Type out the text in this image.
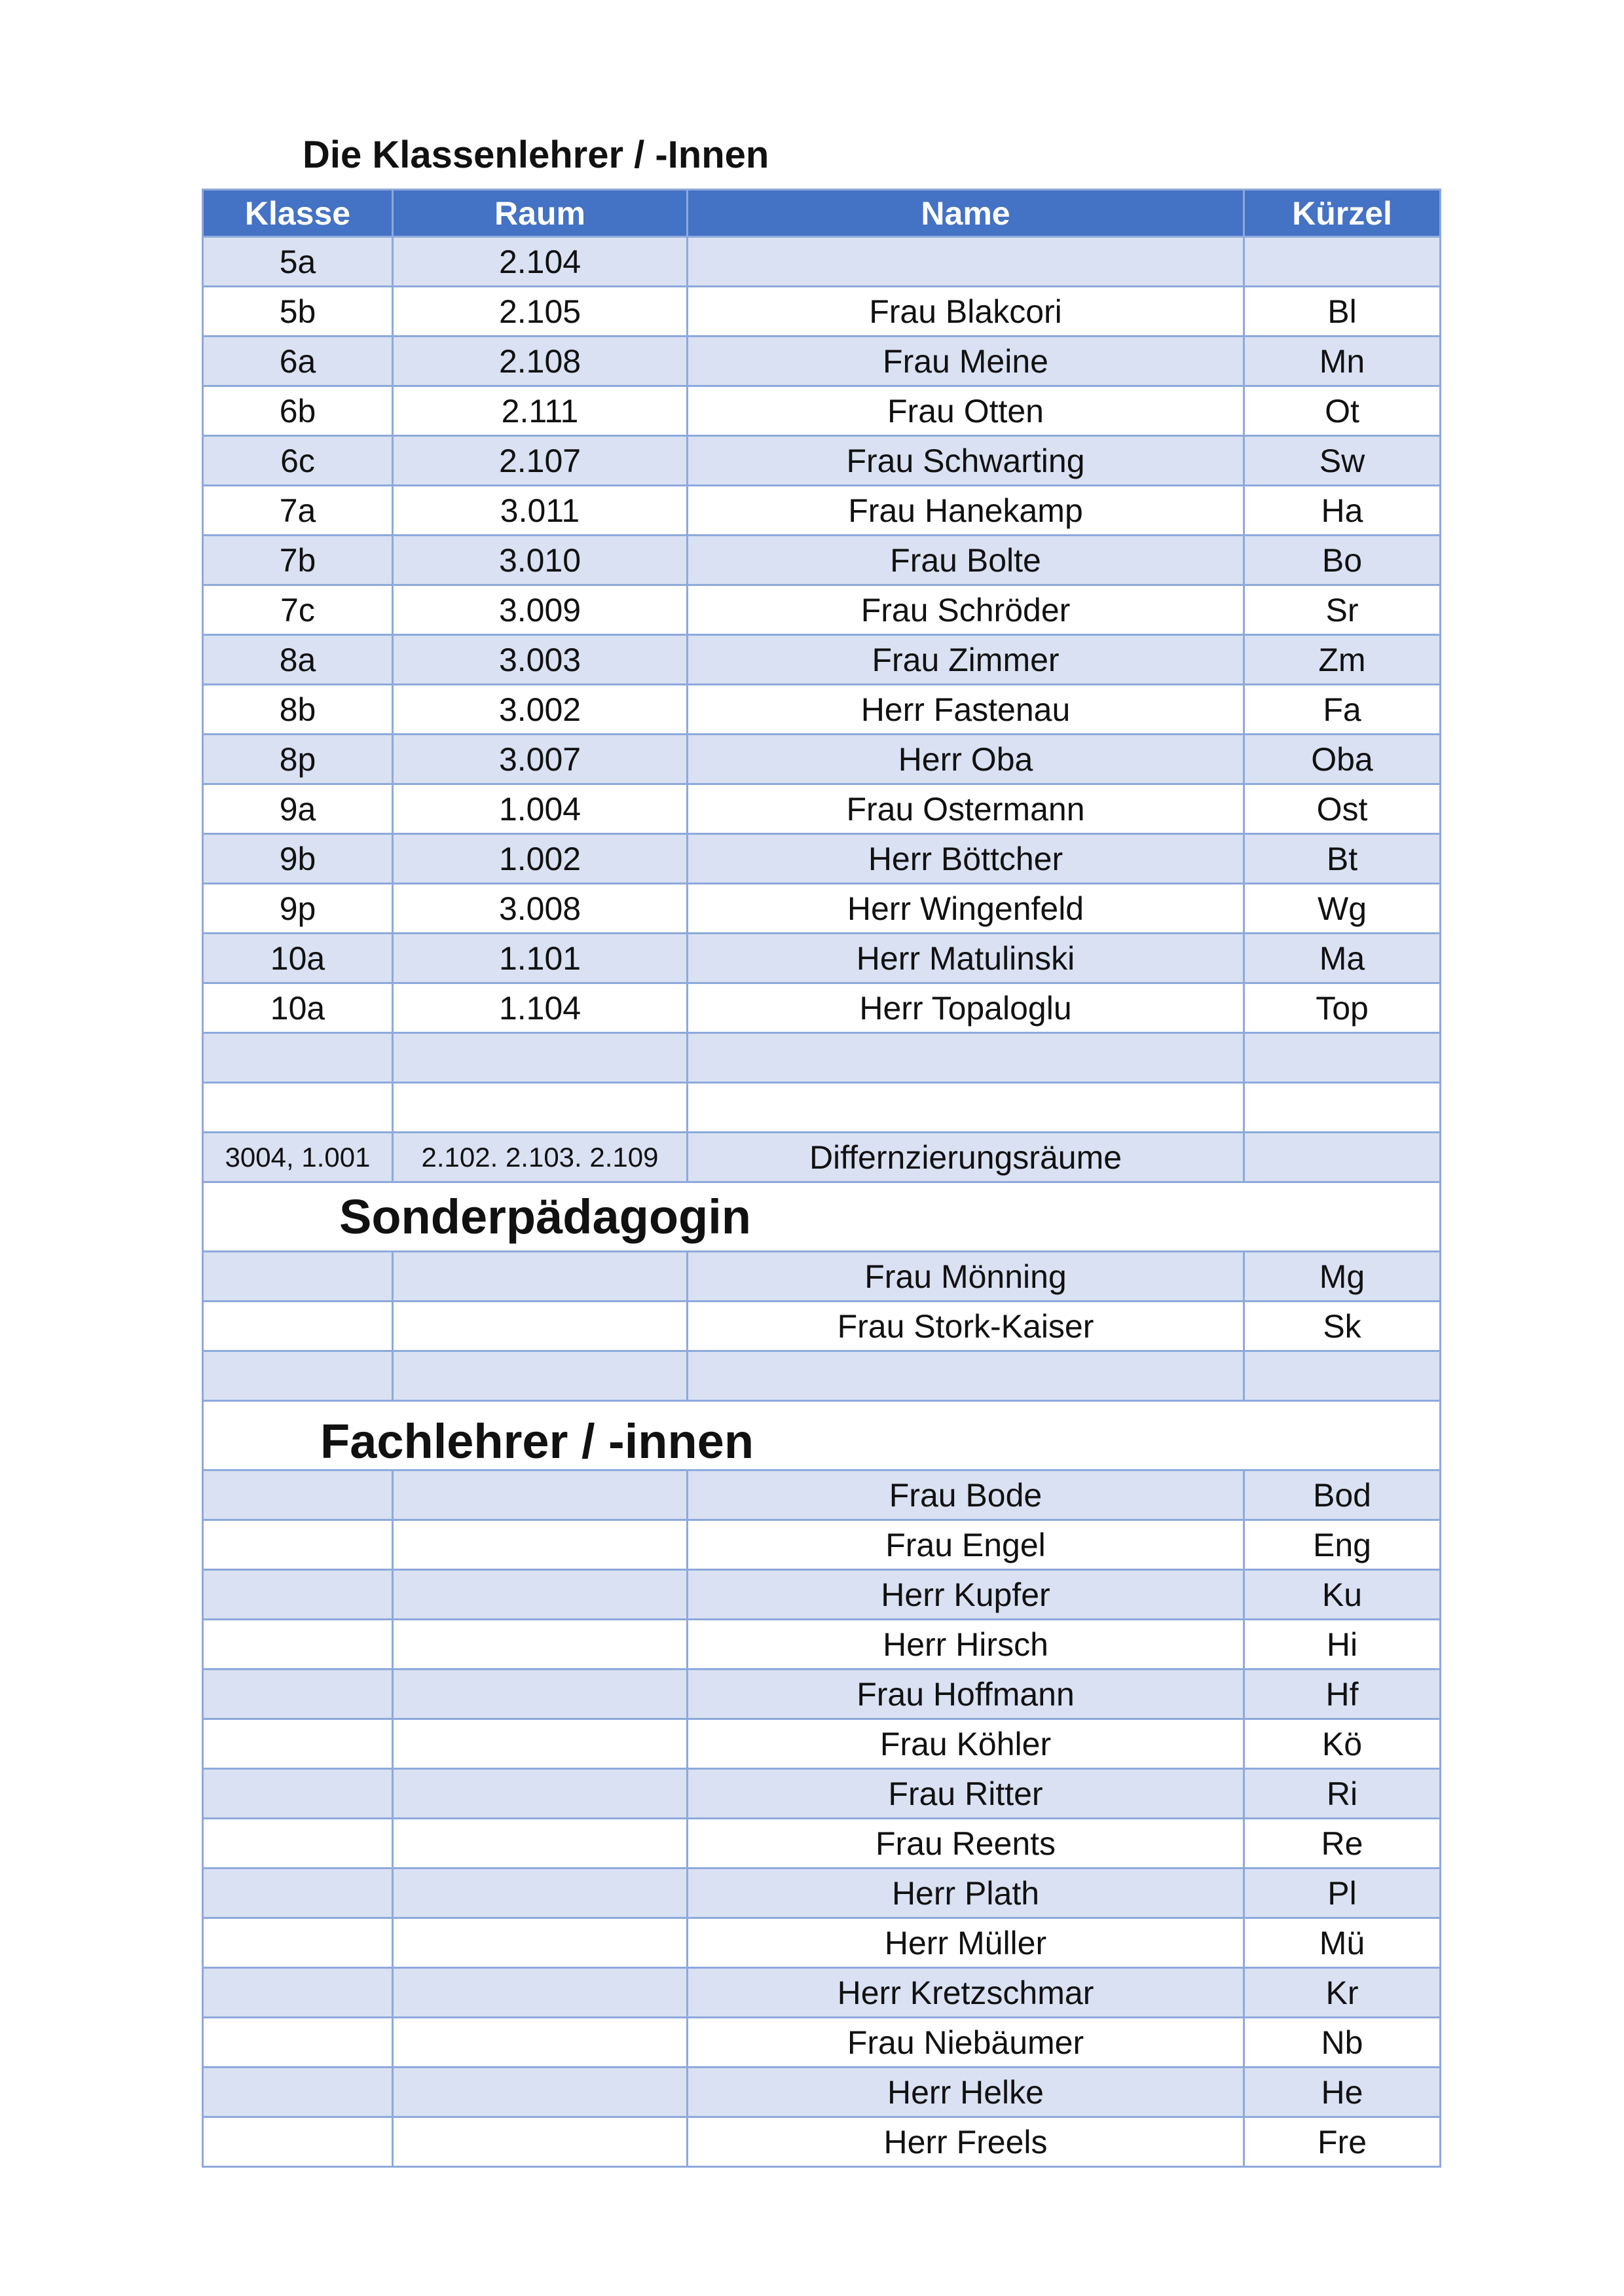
Die Klassenlehrer / -Innen
Klasse	Raum	Name	Kürzel
5a	2.104		
5b	2.105	Frau Blakcori	Bl
6a	2.108	Frau Meine	Mn
6b	2.111	Frau Otten	Ot
6c	2.107	Frau Schwarting	Sw
7a	3.011	Frau Hanekamp	Ha
7b	3.010	Frau Bolte	Bo
7c	3.009	Frau Schröder	Sr
8a	3.003	Frau Zimmer	Zm
8b	3.002	Herr Fastenau	Fa
8p	3.007	Herr Oba	Oba
9a	1.004	Frau Ostermann	Ost
9b	1.002	Herr Böttcher	Bt
9p	3.008	Herr Wingenfeld	Wg
10a	1.101	Herr Matulinski	Ma
10a	1.104	Herr Topaloglu	Top

3004, 1.001	2.102. 2.103. 2.109	Differnzierungsräume	
Sonderpädagogin			
		Frau Mönning	Mg
		Frau Stork-Kaiser	Sk

Fachlehrer / -innen			
		Frau Bode	Bod
		Frau Engel	Eng
		Herr Kupfer	Ku
		Herr Hirsch	Hi
		Frau Hoffmann	Hf
		Frau Köhler	Kö
		Frau Ritter	Ri
		Frau Reents	Re
		Herr Plath	Pl
		Herr Müller	Mü
		Herr Kretzschmar	Kr
		Frau Niebäumer	Nb
		Herr Helke	He
		Herr Freels	Fre
